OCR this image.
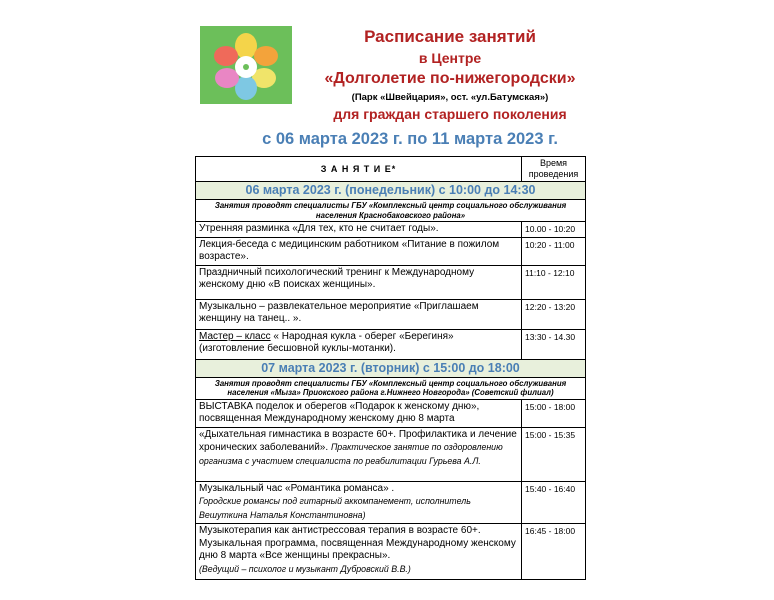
Расписание занятий
в Центре
«Долголетие по-нижегородски»
(Парк «Швейцария», ост. «ул.Батумская»)
для граждан старшего поколения
с 06 марта 2023 г. по 11 марта 2023 г.
З А Н Я Т И Е*	Время проведения
06 марта 2023 г. (понедельник) с 10:00 до 14:30	
Занятия проводят специалисты ГБУ «Комплексный центр социального обслуживания населения Краснобаковского района»	
Утренняя разминка «Для тех, кто не считает годы».	10.00 - 10:20
Лекция-беседа с медицинским работником «Питание в пожилом возрасте».	10:20 - 11:00
Праздничный психологический тренинг к Международному женскому дню «В поисках женщины».	11:10 - 12:10
Музыкально – развлекательное мероприятие «Приглашаем женщину на танец.. ».	12:20 - 13:20
Мастер – класс « Народная кукла - оберег «Берегиня» (изготовление бесшовной куклы-мотанки).	13:30 - 14.30
07 марта 2023 г. (вторник) с 15:00 до 18:00	
Занятия проводят специалисты ГБУ «Комплексный центр социального обслуживания населения «Мыза» Приокского района г.Нижнего Новгорода» (Советский филиал)	
ВЫСТАВКА поделок и оберегов «Подарок к женскому дню», посвященная Международному женскому дню 8 марта	15:00 - 18:00
«Дыхательная гимнастика в возрасте 60+. Профилактика и лечение хронических заболеваний». Практическое занятие по оздоровлению организма с участием специалиста по реабилитации Гурьева А.Л.	15:00 - 15:35
Музыкальный час «Романтика романса» .
Городские романсы под гитарный аккомпанемент, исполнитель Вешуткина Наталья Константиновна)	15:40 - 16:40
Музыкотерапия как антистрессовая терапия в возрасте 60+. Музыкальная программа, посвященная Международному женскому дню 8 марта «Все женщины прекрасны».
(Ведущий – психолог и музыкант Дубровский В.В.)	16:45 - 18:00
